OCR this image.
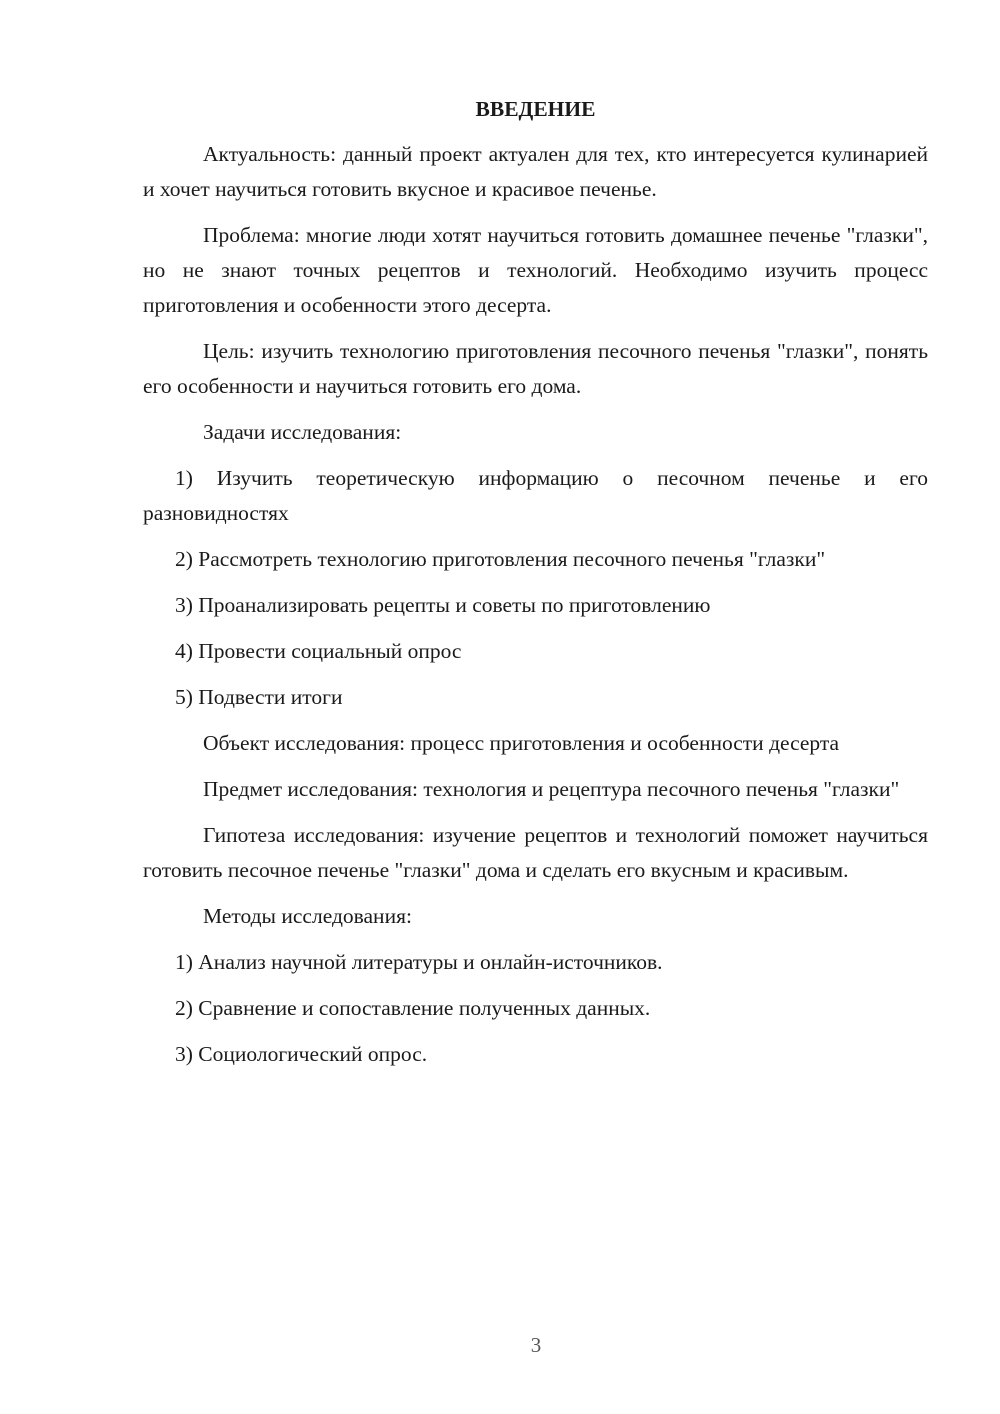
ВВЕДЕНИЕ

Актуальность: данный проект актуален для тех, кто интересуется кулинарией и хочет научиться готовить вкусное и красивое печенье.

Проблема: многие люди хотят научиться готовить домашнее печенье "глазки", но не знают точных рецептов и технологий. Необходимо изучить процесс приготовления и особенности этого десерта.

Цель: изучить технологию приготовления песочного печенья "глазки", понять его особенности и научиться готовить его дома.

Задачи исследования:

1) Изучить теоретическую информацию о песочном печенье и его разновидностях

2) Рассмотреть технологию приготовления песочного печенья "глазки"

3) Проанализировать рецепты и советы по приготовлению

4) Провести социальный опрос

5) Подвести итоги

Объект исследования: процесс приготовления и особенности десерта

Предмет исследования: технология и рецептура песочного печенья "глазки"

Гипотеза исследования: изучение рецептов и технологий поможет научиться готовить песочное печенье "глазки" дома и сделать его вкусным и красивым.

Методы исследования:

1) Анализ научной литературы и онлайн-источников.

2) Сравнение и сопоставление полученных данных.

3) Социологический опрос.

3
